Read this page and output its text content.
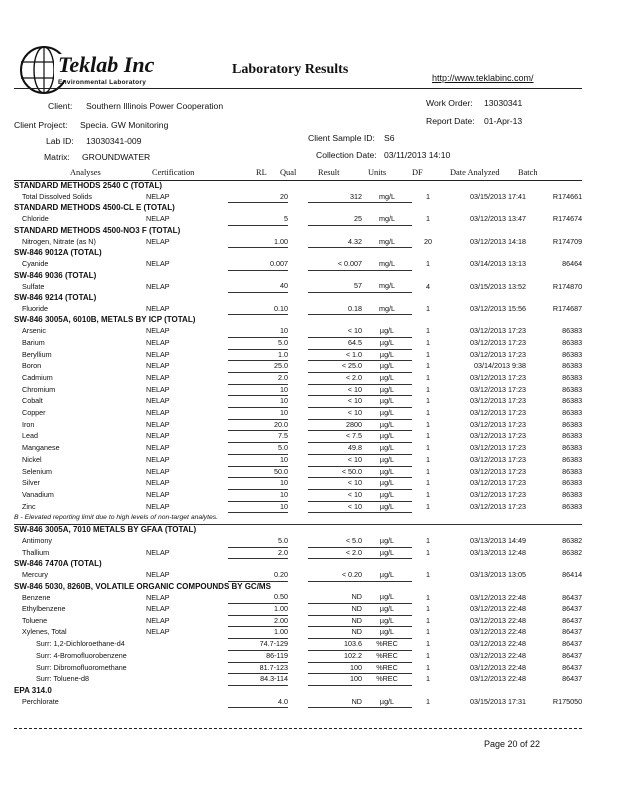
Teklab Inc
Environmental Laboratory
Laboratory Results
http://www.teklabinc.com/
Client: Southern Illinois Power Cooperation
Client Project: Specia. GW Monitoring
Lab ID: 13030341-009
Matrix: GROUNDWATER
Work Order: 13030341
Report Date: 01-Apr-13
Client Sample ID: S6
Collection Date: 03/11/2013 14:10
Analyses	Certification	RL Qual	Result	Units	DF	Date Analyzed Batch
STANDARD METHODS 2540 C (TOTAL)								
Total Dissolved Solids	NELAP	20		312	mg/L	1	03/15/2013 17:41	R174661
STANDARD METHODS 4500-CL E (TOTAL)								
Chloride	NELAP	5		25	mg/L	1	03/12/2013 13:47	R174674
STANDARD METHODS 4500-NO3 F (TOTAL)								
Nitrogen, Nitrate (as N)	NELAP	1.00		4.32	mg/L	20	03/12/2013 14:18	R174709
SW-846 9012A (TOTAL)								
Cyanide	NELAP	0.007		< 0.007	mg/L	1	03/14/2013 13:13	86464
SW-846 9036 (TOTAL)								
Sulfate	NELAP	40		57	mg/L	4	03/15/2013 13:52	R174870
SW-846 9214 (TOTAL)								
Fluoride	NELAP	0.10		0.18	mg/L	1	03/12/2013 15:56	R174687
SW-846 3005A, 6010B, METALS BY ICP (TOTAL)								
Arsenic	NELAP	10		< 10	µg/L	1	03/12/2013 17:23	86383
Barium	NELAP	5.0		64.5	µg/L	1	03/12/2013 17:23	86383
Beryllium	NELAP	1.0		< 1.0	µg/L	1	03/12/2013 17:23	86383
Boron	NELAP	25.0		< 25.0	µg/L	1	03/14/2013 9:38	86383
Cadmium	NELAP	2.0		< 2.0	µg/L	1	03/12/2013 17:23	86383
Chromium	NELAP	10		< 10	µg/L	1	03/12/2013 17:23	86383
Cobalt	NELAP	10		< 10	µg/L	1	03/12/2013 17:23	86383
Copper	NELAP	10		< 10	µg/L	1	03/12/2013 17:23	86383
Iron	NELAP	20.0		2800	µg/L	1	03/12/2013 17:23	86383
Lead	NELAP	7.5		< 7.5	µg/L	1	03/12/2013 17:23	86383
Manganese	NELAP	5.0		49.8	µg/L	1	03/12/2013 17:23	86383
Nickel	NELAP	10		< 10	µg/L	1	03/12/2013 17:23	86383
Selenium	NELAP	50.0		< 50.0	µg/L	1	03/12/2013 17:23	86383
Silver	NELAP	10		< 10	µg/L	1	03/12/2013 17:23	86383
Vanadium	NELAP	10		< 10	µg/L	1	03/12/2013 17:23	86383
Zinc	NELAP	10		< 10	µg/L	1	03/12/2013 17:23	86383
B - Elevated reporting limit due to high levels of non-target analytes.								
SW-846 3005A, 7010 METALS BY GFAA (TOTAL)								
Antimony		5.0		< 5.0	µg/L	1	03/13/2013 14:49	86382
Thallium	NELAP	2.0		< 2.0	µg/L	1	03/13/2013 12:48	86382
SW-846 7470A (TOTAL)								
Mercury	NELAP	0.20		< 0.20	µg/L	1	03/13/2013 13:05	86414
SW-846 5030, 8260B, VOLATILE ORGANIC COMPOUNDS BY GC/MS								
Benzene	NELAP	0.50		ND	µg/L	1	03/12/2013 22:48	86437
Ethylbenzene	NELAP	1.00		ND	µg/L	1	03/12/2013 22:48	86437
Toluene	NELAP	2.00		ND	µg/L	1	03/12/2013 22:48	86437
Xylenes, Total	NELAP	1.00		ND	µg/L	1	03/12/2013 22:48	86437
Surr: 1,2-Dichloroethane-d4		74.7-129		103.6	%REC	1	03/12/2013 22:48	86437
Surr: 4-Bromofluorobenzene		86-119		102.2	%REC	1	03/12/2013 22:48	86437
Surr: Dibromofluoromethane		81.7-123		100	%REC	1	03/12/2013 22:48	86437
Surr: Toluene-d8		84.3-114		100	%REC	1	03/12/2013 22:48	86437
EPA 314.0								
Perchlorate		4.0		ND	µg/L	1	03/15/2013 17:31	R175050
Page 20 of 22
